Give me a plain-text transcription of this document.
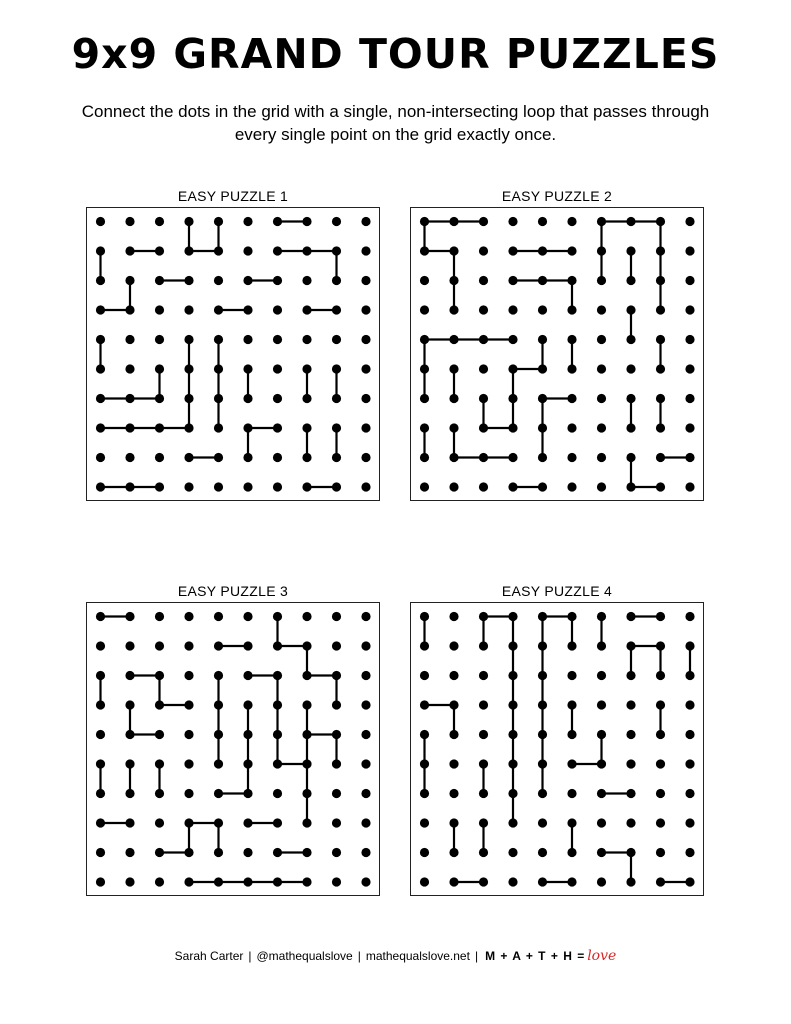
9x9 GRAND TOUR PUZZLES
Connect the dots in the grid with a single, non-intersecting loop that passes through every single point on the grid exactly once.
EASY PUZZLE 1	EASY PUZZLE 2
EASY PUZZLE 3	EASY PUZZLE 4
Sarah Carter | @mathequalslove | mathequalslove.net | M + A + T + H = love
